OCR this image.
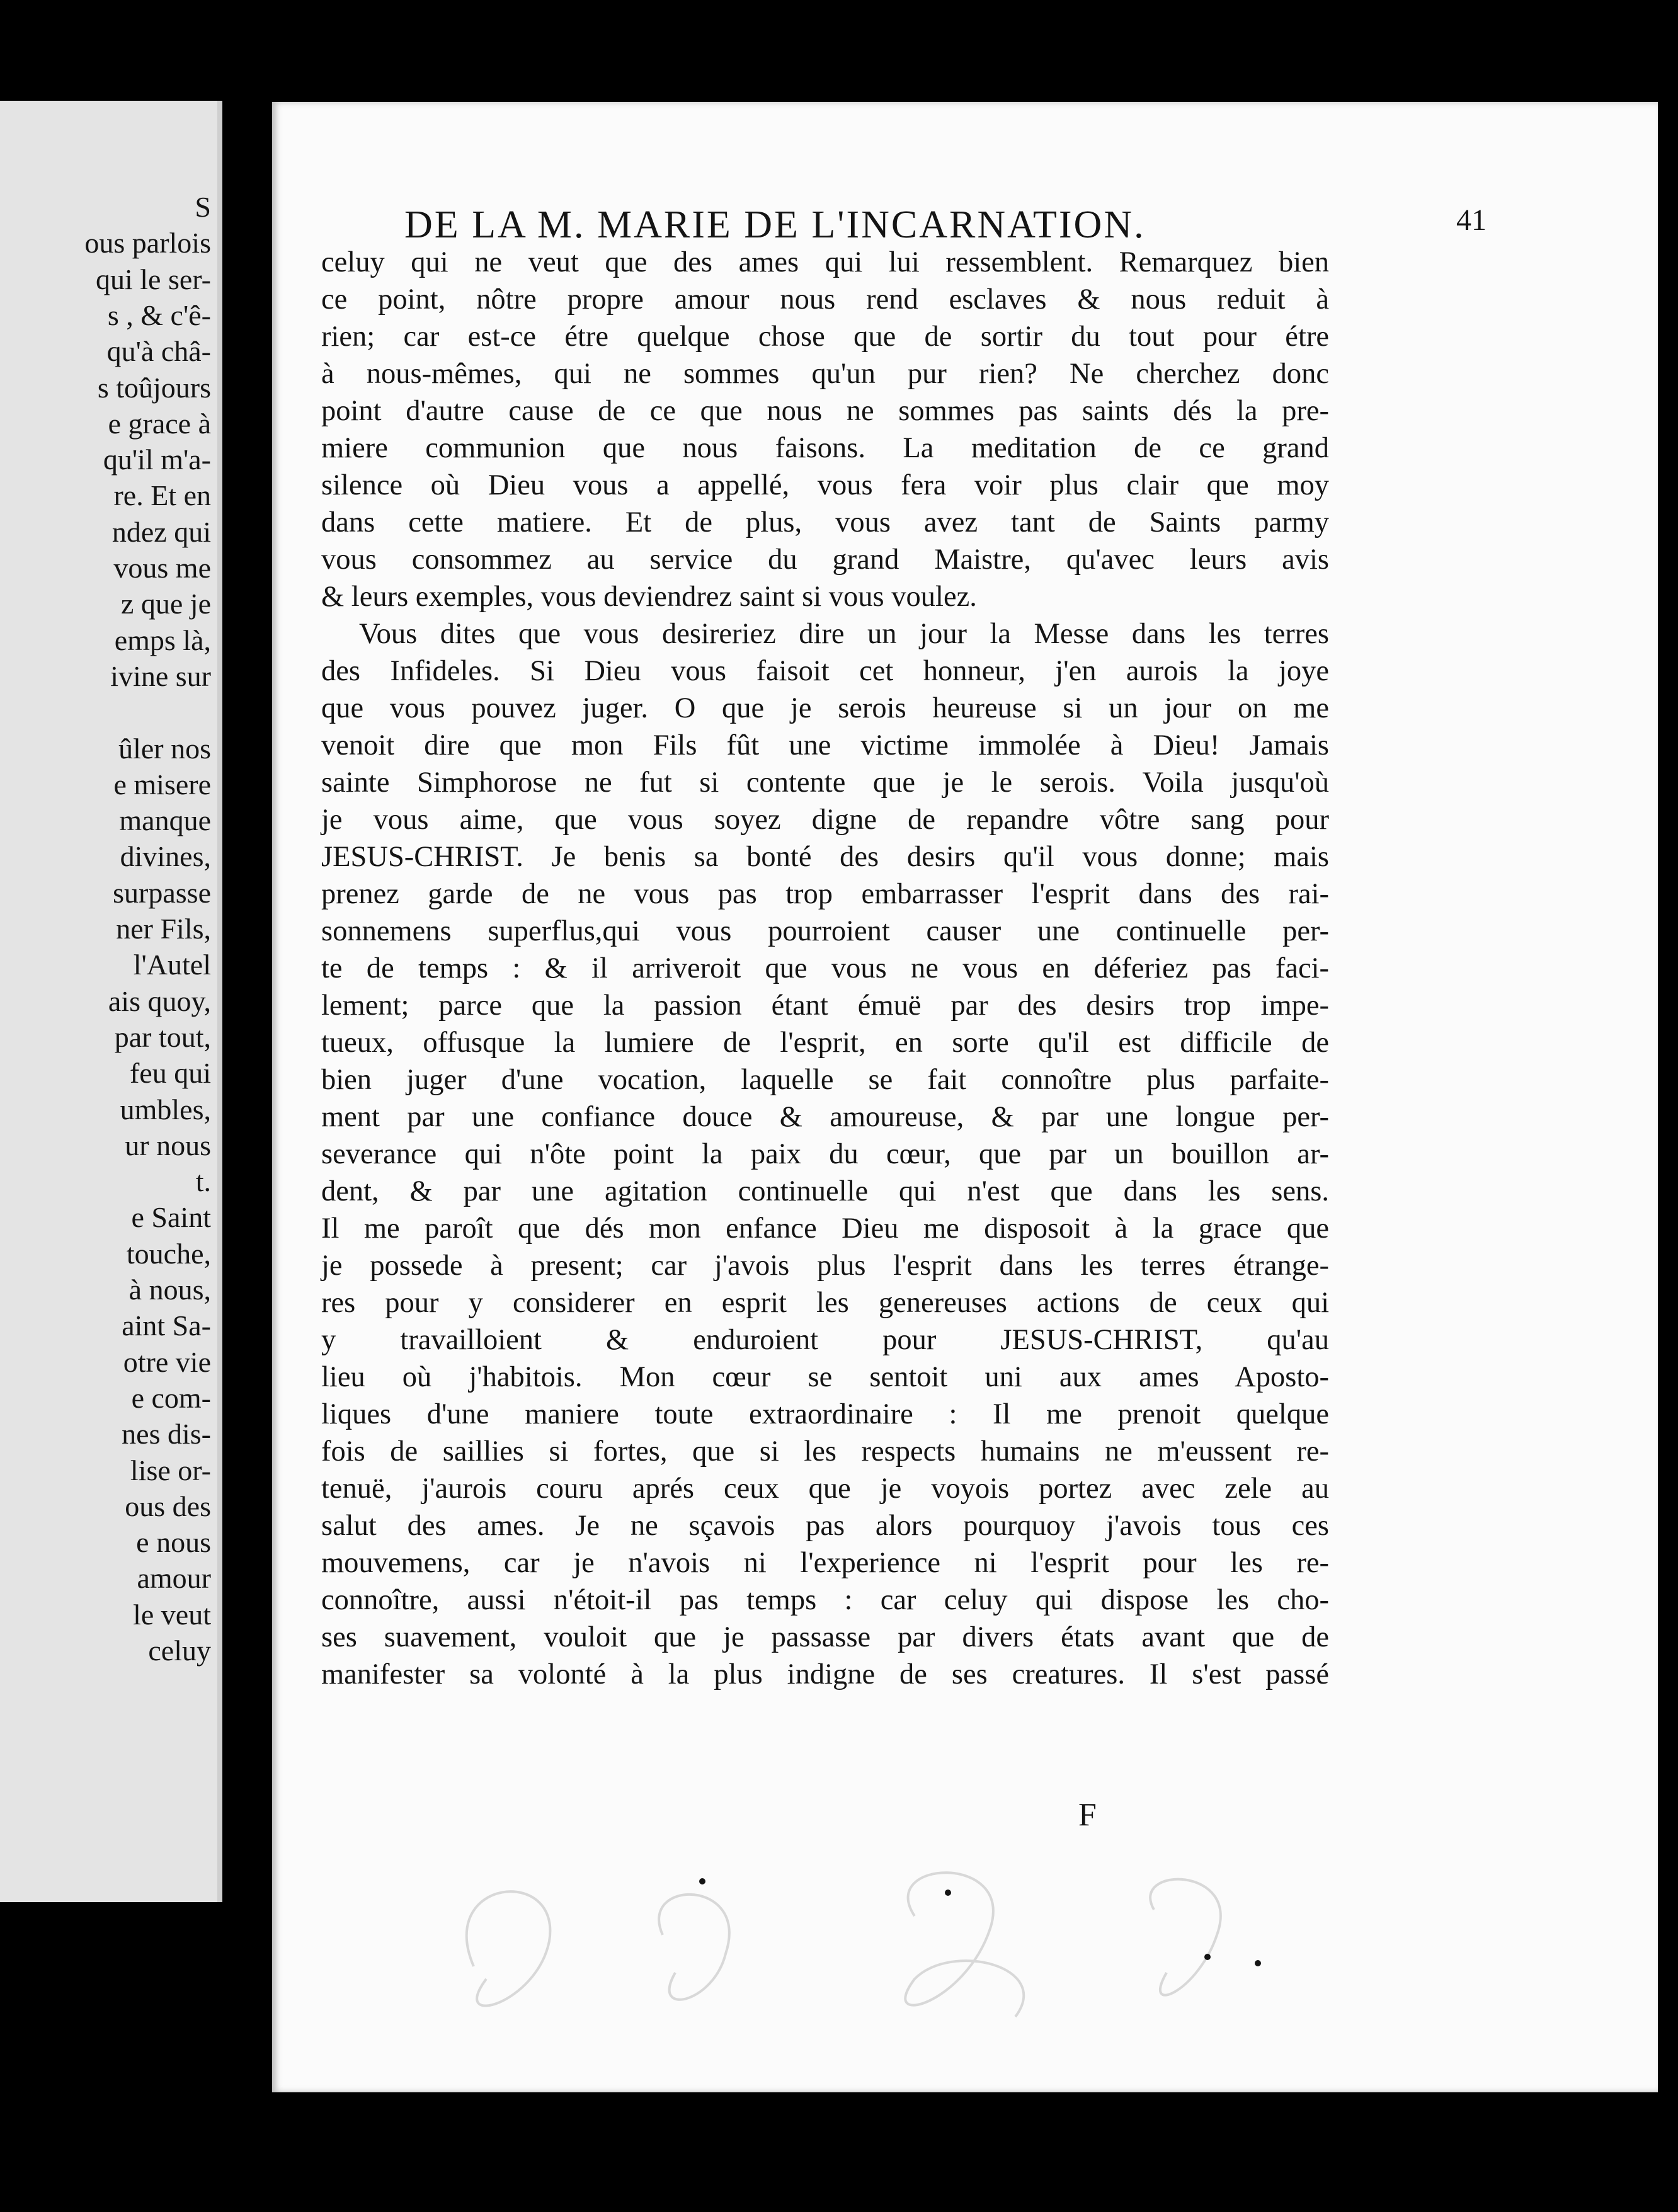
S
ous parlois
qui le ser-
s , & c'ê-
qu'à châ-
s toûjours
e grace à
qu'il m'a-
re. Et en
ndez qui
vous me
z que je
emps là,
ivine sur
ûler nos
e misere
manque
divines,
surpasse
ner Fils,
l'Autel
ais quoy,
par tout,
feu qui
umbles,
ur nous
t.
e Saint
touche,
à nous,
aint Sa-
otre vie
e com-
nes dis-
lise or-
ous des
e nous
amour
le veut
celuy
DE LA M. MARIE DE L'INCARNATION.	41
celuy qui ne veut que des ames qui lui ressemblent. Remarquez bien
ce point, nôtre propre amour nous rend esclaves & nous reduit à
rien; car est-ce étre quelque chose que de sortir du tout pour étre
à nous-mêmes, qui ne sommes qu'un pur rien? Ne cherchez donc
point d'autre cause de ce que nous ne sommes pas saints dés la pre-
miere communion que nous faisons. La meditation de ce grand
silence où Dieu vous a appellé, vous fera voir plus clair que moy
dans cette matiere. Et de plus, vous avez tant de Saints parmy
vous consommez au service du grand Maistre, qu'avec leurs avis
& leurs exemples, vous deviendrez saint si vous voulez.
Vous dites que vous desireriez dire un jour la Messe dans les terres
des Infideles. Si Dieu vous faisoit cet honneur, j'en aurois la joye
que vous pouvez juger. O que je serois heureuse si un jour on me
venoit dire que mon Fils fût une victime immolée à Dieu! Jamais
sainte Simphorose ne fut si contente que je le serois. Voila jusqu'où
je vous aime, que vous soyez digne de repandre vôtre sang pour
JESUS-CHRIST. Je benis sa bonté des desirs qu'il vous donne; mais
prenez garde de ne vous pas trop embarrasser l'esprit dans des rai-
sonnemens superflus,qui vous pourroient causer une continuelle per-
te de temps : & il arriveroit que vous ne vous en déferiez pas faci-
lement; parce que la passion étant émuë par des desirs trop impe-
tueux, offusque la lumiere de l'esprit, en sorte qu'il est difficile de
bien juger d'une vocation, laquelle se fait connoître plus parfaite-
ment par une confiance douce & amoureuse, & par une longue per-
severance qui n'ôte point la paix du cœur, que par un bouillon ar-
dent, & par une agitation continuelle qui n'est que dans les sens.
Il me paroît que dés mon enfance Dieu me disposoit à la grace que
je possede à present; car j'avois plus l'esprit dans les terres étrange-
res pour y considerer en esprit les genereuses actions de ceux qui
y travailloient & enduroient pour JESUS-CHRIST, qu'au
lieu où j'habitois. Mon cœur se sentoit uni aux ames Aposto-
liques d'une maniere toute extraordinaire : Il me prenoit quelque
fois de saillies si fortes, que si les respects humains ne m'eussent re-
tenuë, j'aurois couru aprés ceux que je voyois portez avec zele au
salut des ames. Je ne sçavois pas alors pourquoy j'avois tous ces
mouvemens, car je n'avois ni l'experience ni l'esprit pour les re-
connoître, aussi n'étoit-il pas temps : car celuy qui dispose les cho-
ses suavement, vouloit que je passasse par divers états avant que de
manifester sa volonté à la plus indigne de ses creatures. Il s'est passé
F
